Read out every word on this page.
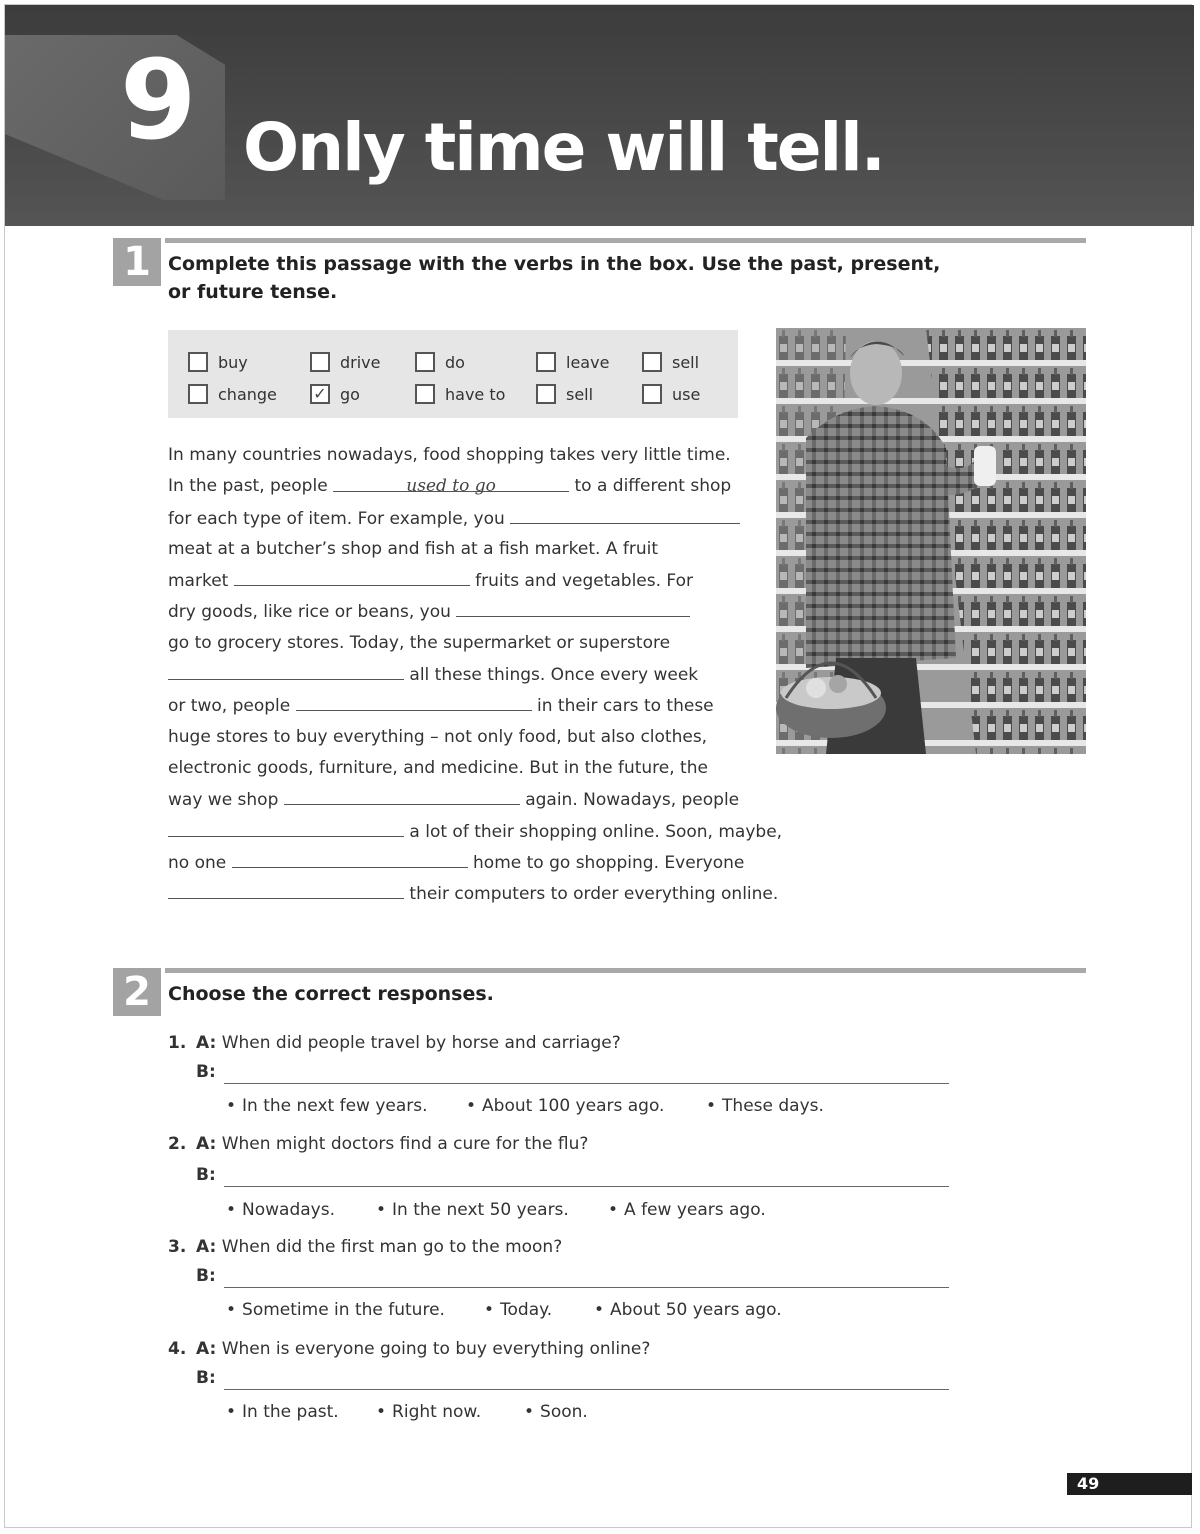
9 Only time will tell.
1 Complete this passage with the verbs in the box. Use the past, present,
or future tense.
buy	drive	do	leave	sell
change ✓ go	have to	sell	use
In many countries nowadays, food shopping takes very little time.
In the past, people	used to go	to a different shop
for each type of item. For example, you
meat at a butcher’s shop and fish at a fish market. A fruit
market	fruits and vegetables. For
dry goods, like rice or beans, you
go to grocery stores. Today, the supermarket or superstore
all these things. Once every week
or two, people	in their cars to these
huge stores to buy everything – not only food, but also clothes,
electronic goods, furniture, and medicine. But in the future, the
way we shop	again. Nowadays, people
a lot of their shopping online. Soon, maybe,
no one	home to go shopping. Everyone
their computers to order everything online.
2 Choose the correct responses.
1. A: When did people travel by horse and carriage?
B:
• In the next few years. • About 100 years ago. • These days.
2. A: When might doctors find a cure for the flu?
B:
• Nowadays. • In the next 50 years. • A few years ago.
3. A: When did the first man go to the moon?
B:
• Sometime in the future. • Today. • About 50 years ago.
4. A: When is everyone going to buy everything online?
B:
• In the past. • Right now.	• Soon.
49
